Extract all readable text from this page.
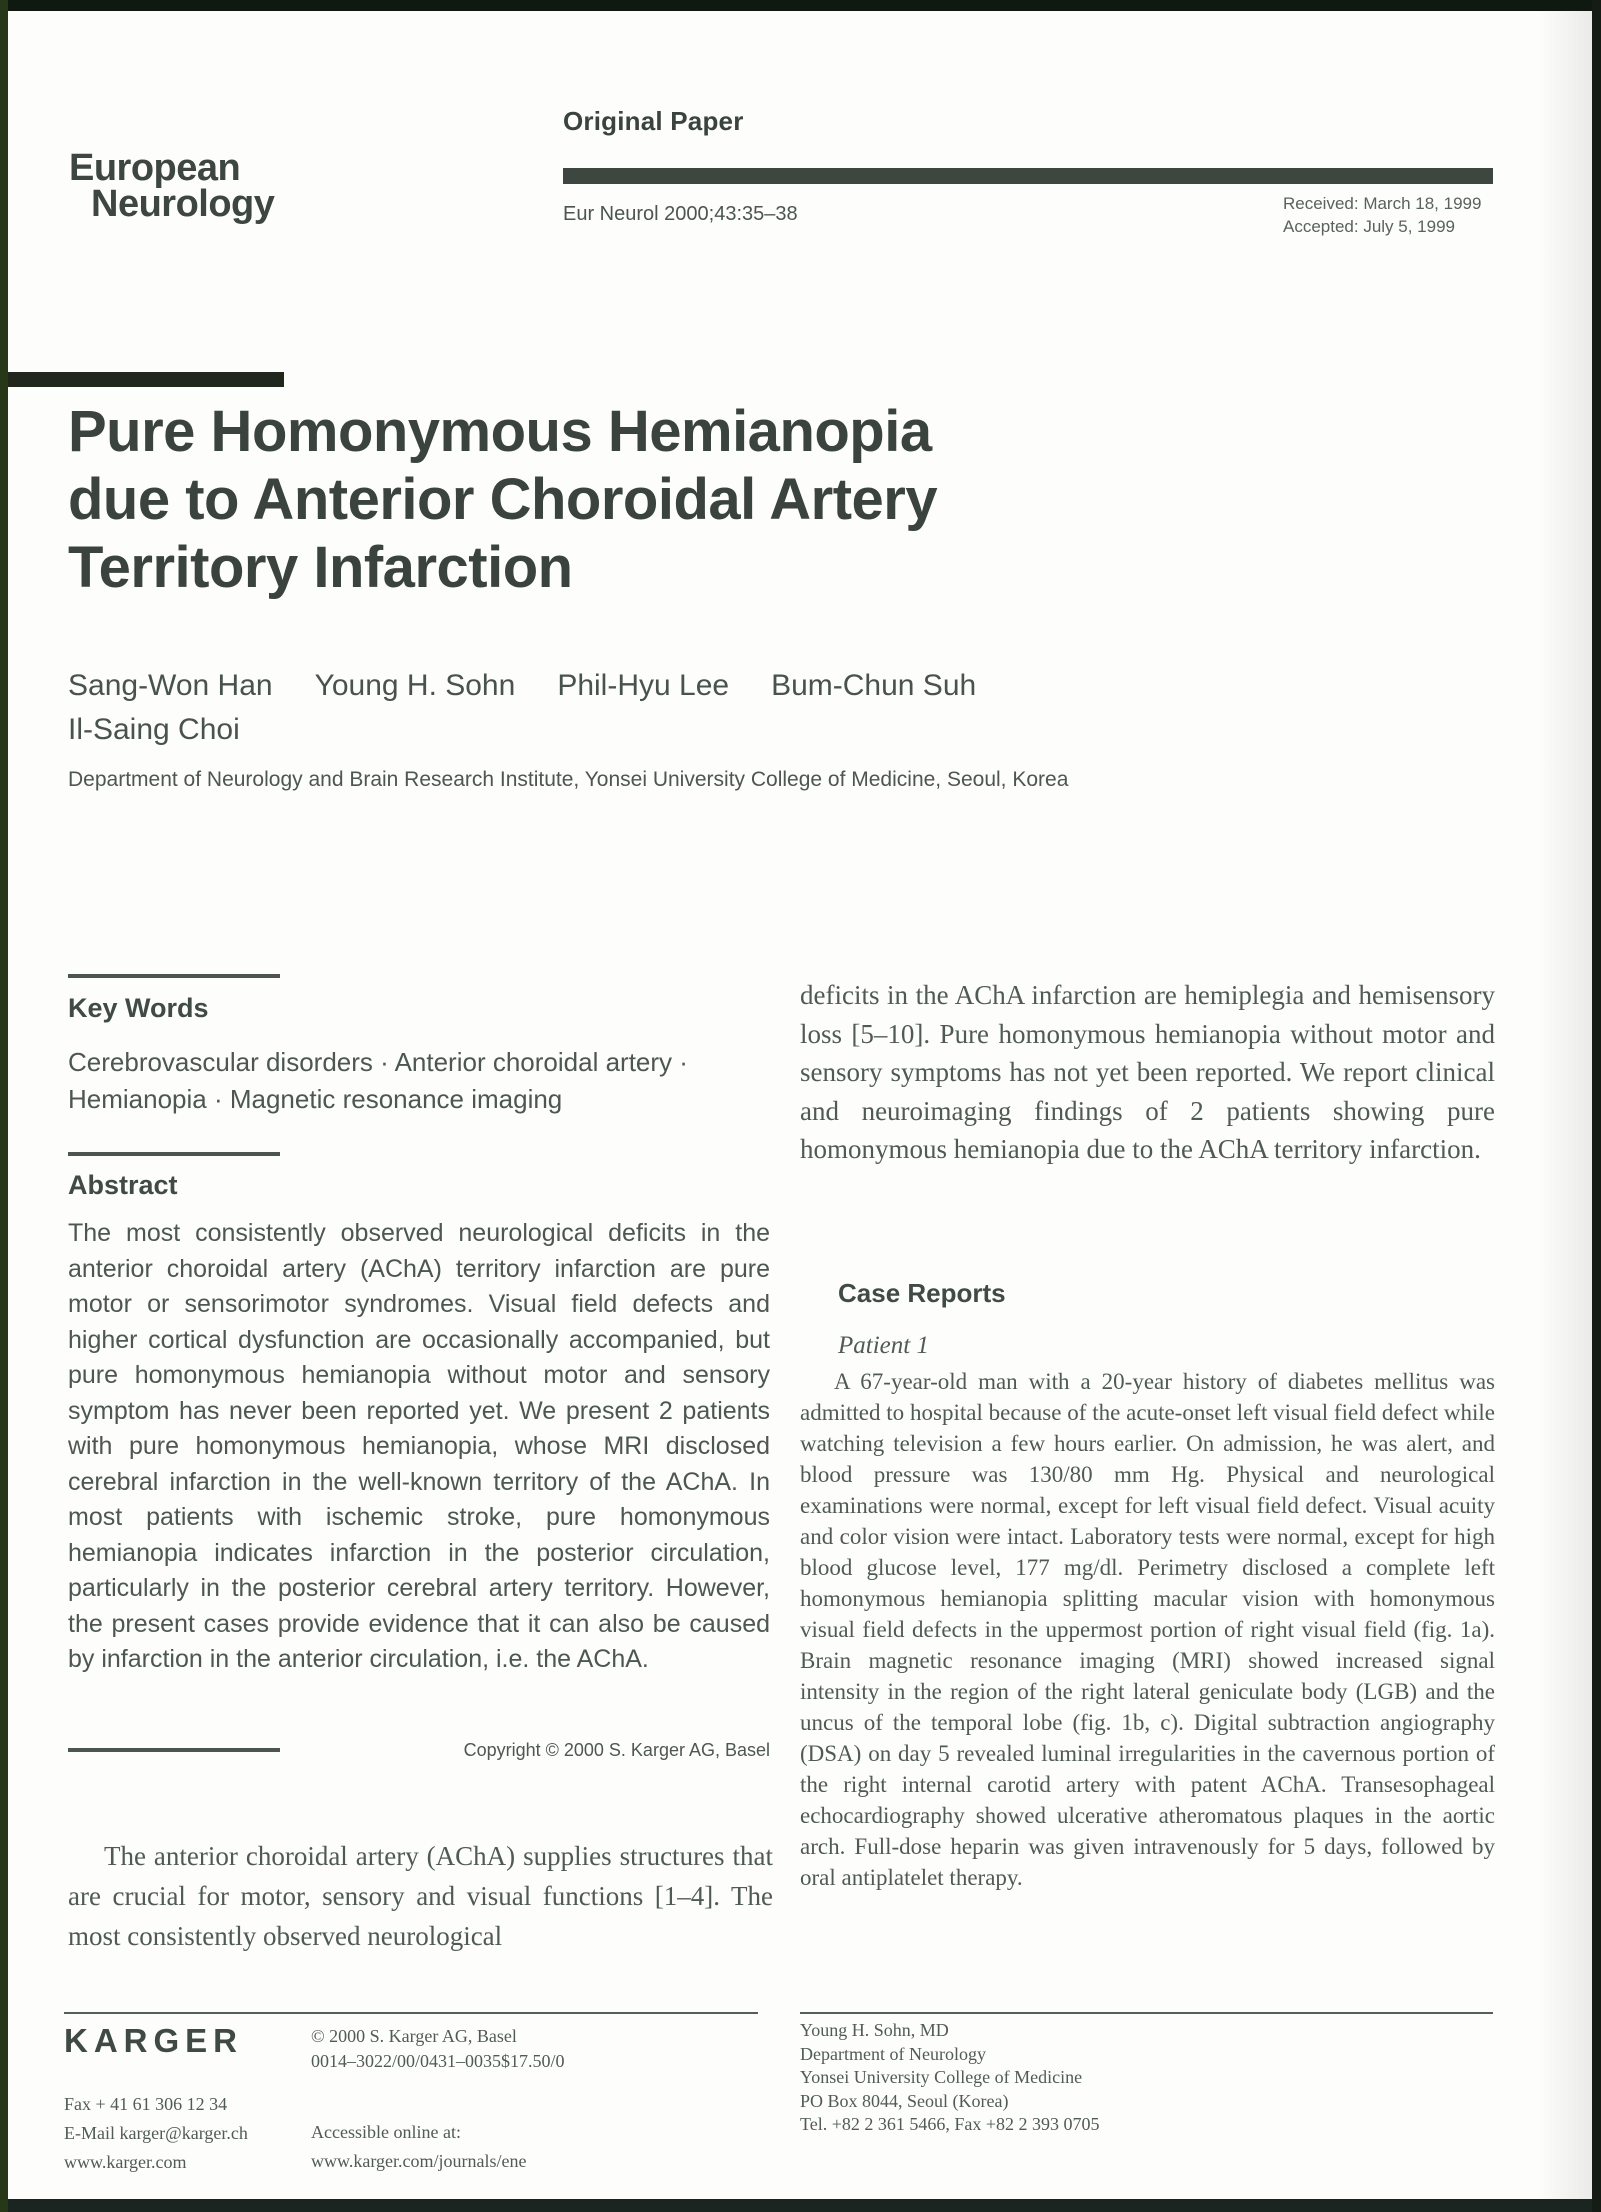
Original Paper
European
Neurology	Eur Neurol 2000;43:35–38	Received: March 18, 1999
Accepted: July 5, 1999
Pure Homonymous Hemianopia
due to Anterior Choroidal Artery
Territory Infarction
Sang-Won Han Young H. Sohn Phil-Hyu Lee Bum-Chun Suh
Il-Saing Choi
Department of Neurology and Brain Research Institute, Yonsei University College of Medicine, Seoul, Korea
Key Words
Cerebrovascular disorders · Anterior choroidal artery · Hemianopia · Magnetic resonance imaging
Abstract
The most consistently observed neurological deficits in the anterior choroidal artery (AChA) territory infarction are pure motor or sensorimotor syndromes. Visual field defects and higher cortical dysfunction are occasionally accompanied, but pure homonymous hemianopia without motor and sensory symptom has never been reported yet. We present 2 patients with pure homonymous hemianopia, whose MRI disclosed cerebral infarction in the well-known territory of the AChA. In most patients with ischemic stroke, pure homonymous hemianopia indicates infarction in the posterior circulation, particularly in the posterior cerebral artery territory. However, the present cases provide evidence that it can also be caused by infarction in the anterior circulation, i.e. the AChA.
Copyright © 2000 S. Karger AG, Basel

The anterior choroidal artery (AChA) supplies structures that are crucial for motor, sensory and visual functions [1–4]. The most consistently observed neurological

deficits in the AChA infarction are hemiplegia and hemisensory loss [5–10]. Pure homonymous hemianopia without motor and sensory symptoms has not yet been reported. We report clinical and neuroimaging findings of 2 patients showing pure homonymous hemianopia due to the AChA territory infarction.

Case Reports
Patient 1

A 67-year-old man with a 20-year history of diabetes mellitus was admitted to hospital because of the acute-onset left visual field defect while watching television a few hours earlier. On admission, he was alert, and blood pressure was 130/80 mm Hg. Physical and neurological examinations were normal, except for left visual field defect. Visual acuity and color vision were intact. Laboratory tests were normal, except for high blood glucose level, 177 mg/dl. Perimetry disclosed a complete left homonymous hemianopia splitting macular vision with homonymous visual field defects in the uppermost portion of right visual field (fig. 1a). Brain magnetic resonance imaging (MRI) showed increased signal intensity in the region of the right lateral geniculate body (LGB) and the uncus of the temporal lobe (fig. 1b, c). Digital subtraction angiography (DSA) on day 5 revealed luminal irregularities in the cavernous portion of the right internal carotid artery with patent AChA. Transesophageal echocardiography showed ulcerative atheromatous plaques in the aortic arch. Full-dose heparin was given intravenously for 5 days, followed by oral antiplatelet therapy.

KARGER
Fax + 41 61 306 12 34
E-Mail karger@karger.ch
www.karger.com
© 2000 S. Karger AG, Basel
0014–3022/00/0431–0035$17.50/0
Accessible online at:
www.karger.com/journals/ene
Young H. Sohn, MD
Department of Neurology
Yonsei University College of Medicine
PO Box 8044, Seoul (Korea)
Tel. +82 2 361 5466, Fax +82 2 393 0705
